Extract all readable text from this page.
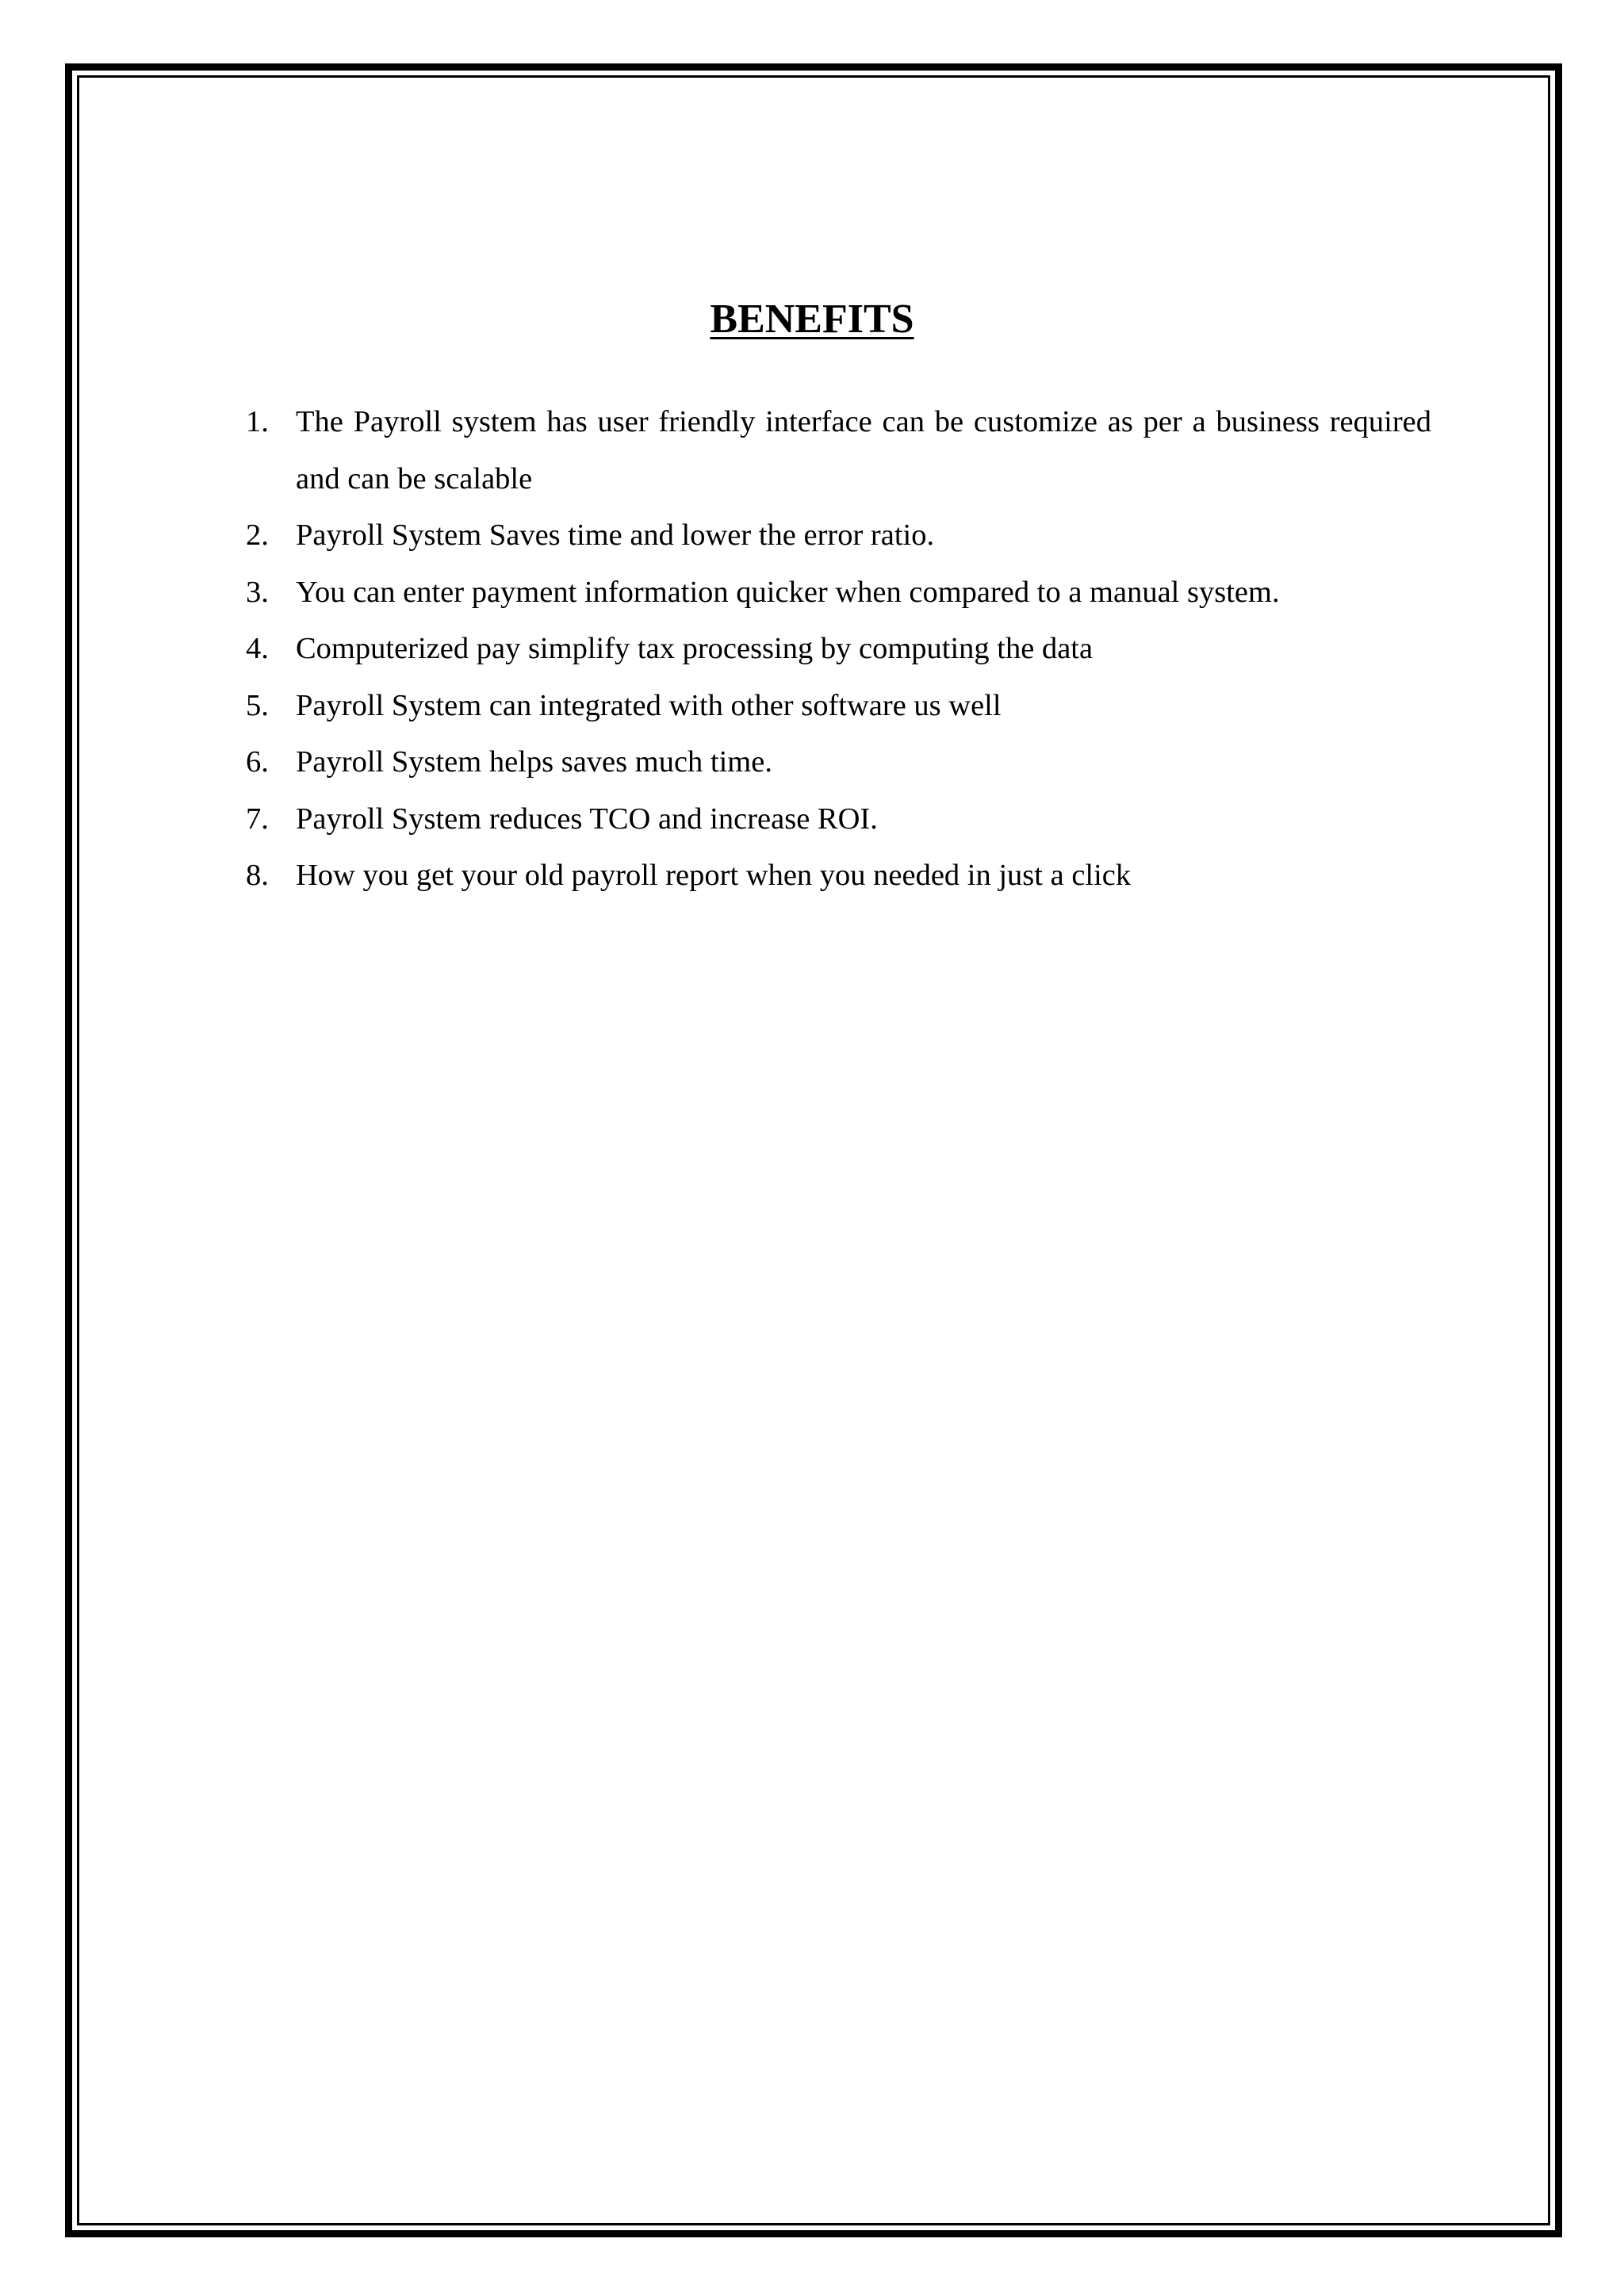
BENEFITS
1. The Payroll system has user friendly interface can be customize as per a business required and can be scalable
2. Payroll System Saves time and lower the error ratio.
3. You can enter payment information quicker when compared to a manual system.
4. Computerized pay simplify tax processing by computing the data
5. Payroll System can integrated with other software us well
6. Payroll System helps saves much time.
7. Payroll System reduces TCO and increase ROI.
8. How you get your old payroll report when you needed in just a click
